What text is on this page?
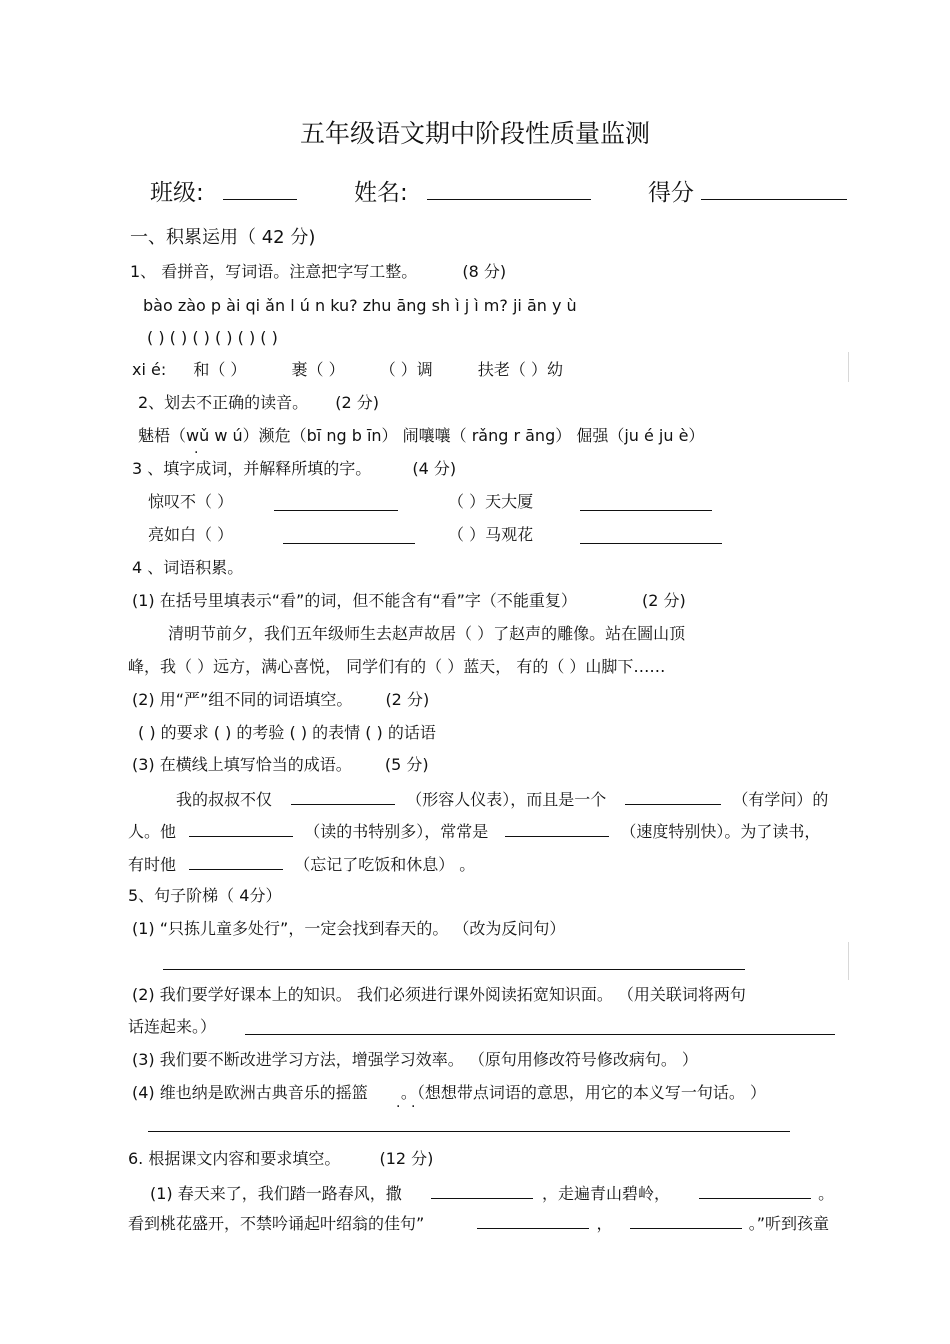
五年级语文期中阶段性质量监测
班级:	姓名:	得分
一、积累运用（ 42 分)
1、 看拼音，写词语。注意把字写工整。	(8 分)
bào zào p ài qi ǎn l ú n ku? zhu āng sh ì j ì m? ji ān y ù
( ) ( ) ( ) ( ) ( ) ( )
xi é: 和（ ）	裹（ ） （ ）调	扶老（ ）幼
2、划去不正确的读音。 (2 分)
魅梧（wǔ w ú）濒危（bī ng b īn） 闹嚷嚷（ rǎng r āng） 倔强（ju é ju è）
·
3 、填字成词，并解释所填的字。	(4 分)
惊叹不（ ）	（ ）天大厦
亮如白（ ）	（ ）马观花
4 、词语积累。
(1) 在括号里填表示“看”的词，但不能含有“看”字（不能重复）	(2 分)
清明节前夕，我们五年级师生去赵声故居（ ）了赵声的雕像。站在圌山顶
峰，我（ ）远方，满心喜悦， 同学们有的（ ）蓝天， 有的（ ）山脚下……
(2) 用“严”组不同的词语填空。 (2 分)
( ) 的要求 ( ) 的考验 ( ) 的表情 ( ) 的话语
(3) 在横线上填写恰当的成语。 (5 分)
我的叔叔不仅	（形容人仪表），而且是一个	（有学问）的
人。他	（读的书特别多），常常是	（速度特别快）。为了读书，
有时他	（忘记了吃饭和休息） 。
5、句子阶梯（ 4分）
(1) “只拣儿童多处行”，一定会找到春天的。 （改为反问句）
(2) 我们要学好课本上的知识。 我们必须进行课外阅读拓宽知识面。 （用关联词将两句
话连起来。）
(3) 我们要不断改进学习方法，增强学习效率。 （原句用修改符号修改病句。 ）
(4) 维也纳是欧洲古典音乐的摇篮 。（想想带点词语的意思，用它的本义写一句话。 ）
· ·
6. 根据课文内容和要求填空。 (12 分)
(1) 春天来了，我们踏一路春风，撒	，走遍青山碧岭，	。
看到桃花盛开，不禁吟诵起叶绍翁的佳句”	，	。”听到孩童
